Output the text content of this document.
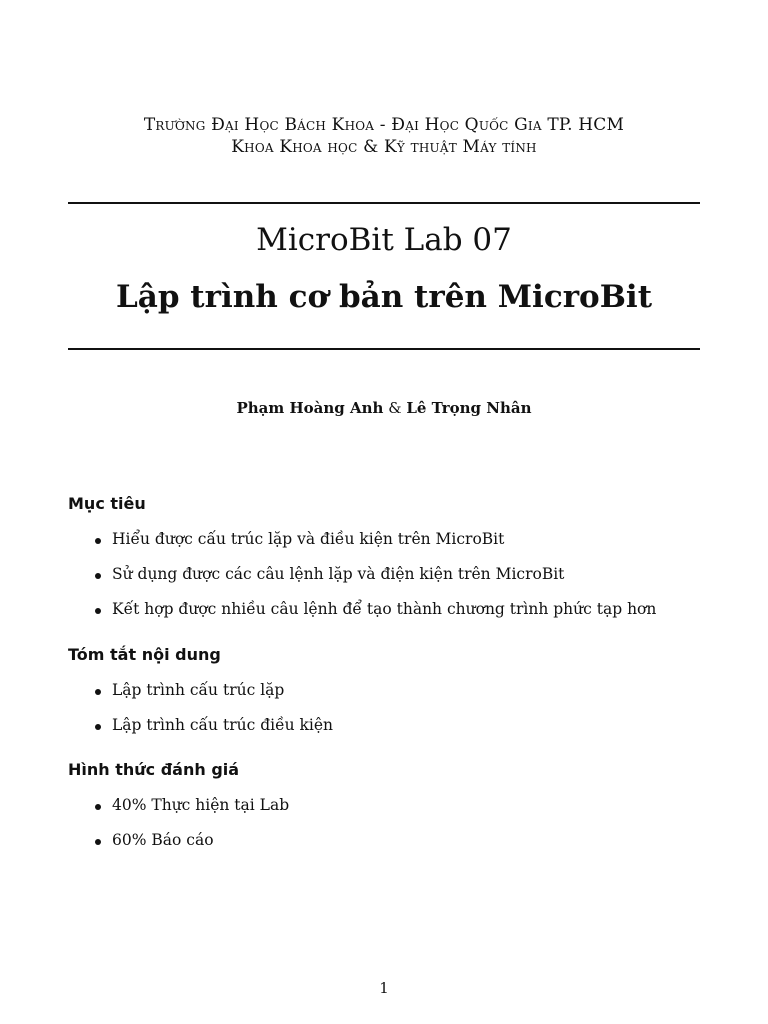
Trường Đại Học Bách Khoa - Đại Học Quốc Gia TP. HCM
Khoa Khoa học & Kỹ thuật Máy tính
MicroBit Lab 07
Lập trình cơ bản trên MicroBit
Phạm Hoàng Anh & Lê Trọng Nhân
Mục tiêu
Hiểu được cấu trúc lặp và điều kiện trên MicroBit
Sử dụng được các câu lệnh lặp và điện kiện trên MicroBit
Kết hợp được nhiều câu lệnh để tạo thành chương trình phức tạp hơn
Tóm tắt nội dung
Lập trình cấu trúc lặp
Lập trình cấu trúc điều kiện
Hình thức đánh giá
40% Thực hiện tại Lab
60% Báo cáo
1
